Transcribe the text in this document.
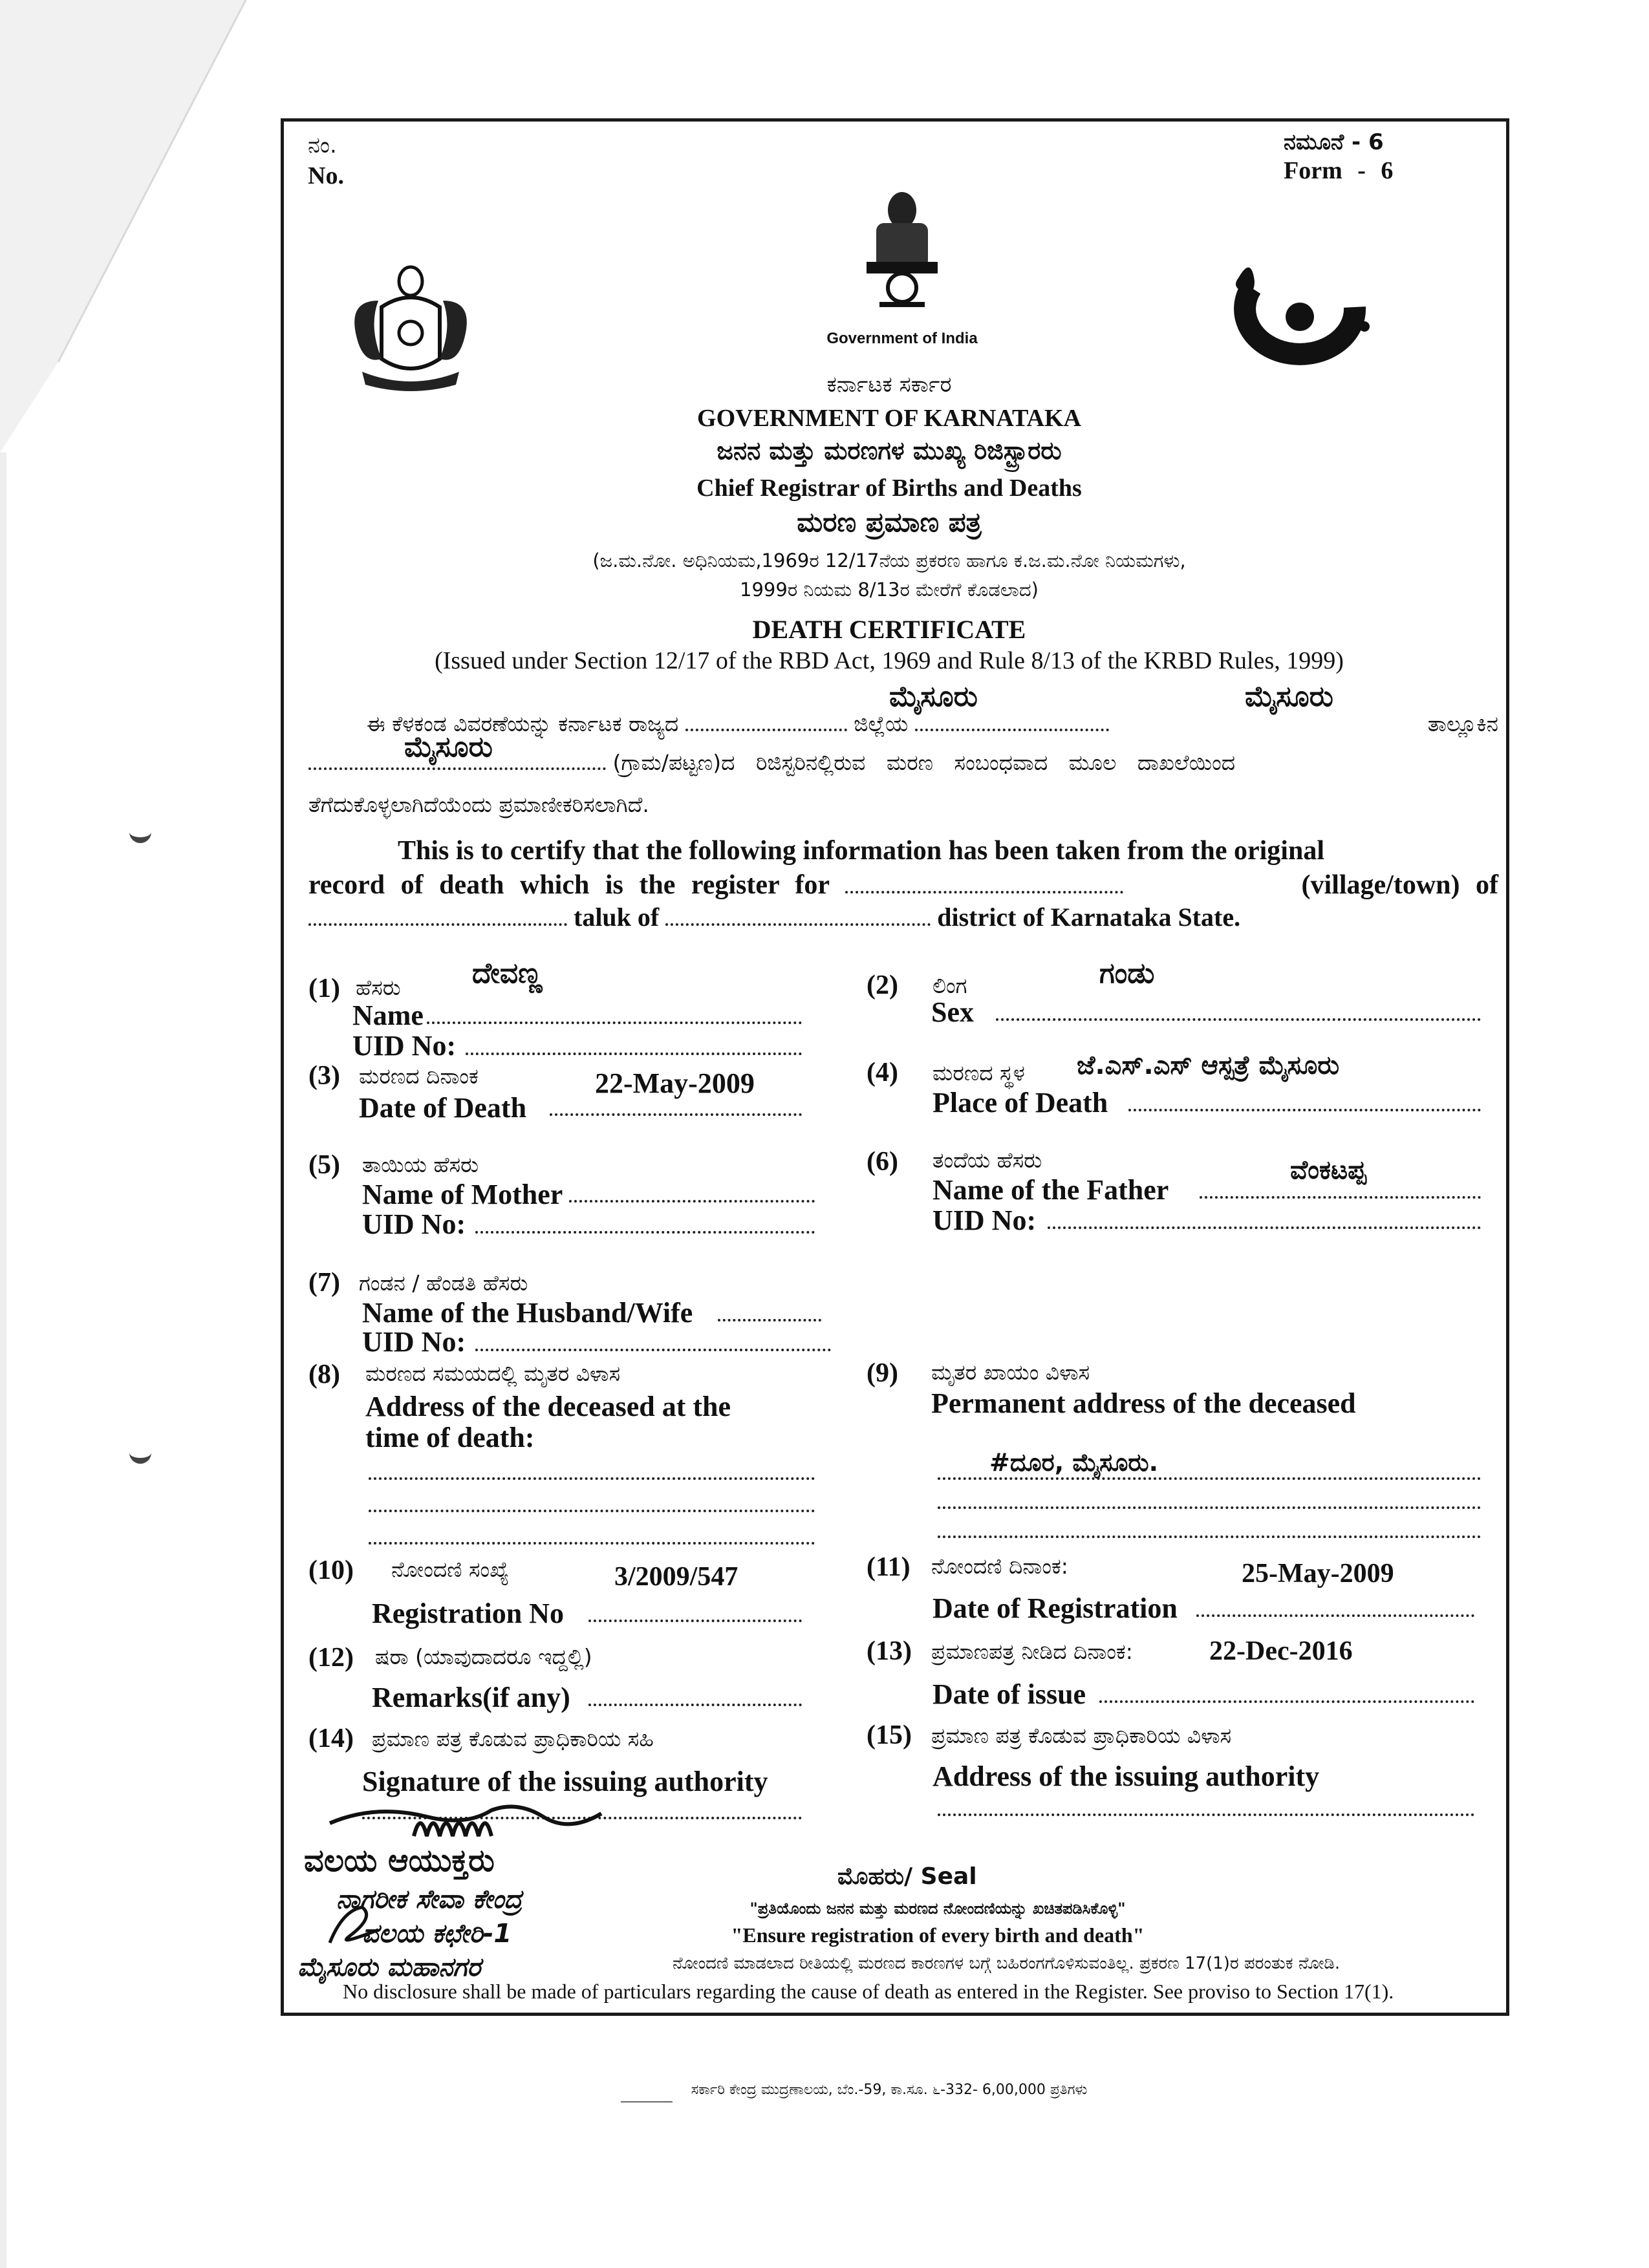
ನಂ.
No.
ನಮೂನೆ - 6
Form - 6
Government of India
ಕರ್ನಾಟಕ ಸರ್ಕಾರ
GOVERNMENT OF KARNATAKA
ಜನನ ಮತ್ತು ಮರಣಗಳ ಮುಖ್ಯ ರಿಜಿಸ್ಟ್ರಾರರು
Chief Registrar of Births and Deaths
ಮರಣ ಪ್ರಮಾಣ ಪತ್ರ
(ಜ.ಮ.ನೋ. ಅಧಿನಿಯಮ,1969ರ 12/17ನೆಯ ಪ್ರಕರಣ ಹಾಗೂ ಕ.ಜ.ಮ.ನೋ ನಿಯಮಗಳು,
1999ರ ನಿಯಮ 8/13ರ ಮೇರೆಗೆ ಕೊಡಲಾದ)
DEATH CERTIFICATE
(Issued under Section 12/17 of the RBD Act, 1969 and Rule 8/13 of the KRBD Rules, 1999)
ಈ ಕೆಳಕಂಡ ವಿವರಣೆಯನ್ನು ಕರ್ನಾಟಕ ರಾಜ್ಯದ	ಜಿಲ್ಲೆಯ	ತಾಲ್ಲೂಕಿನ
ಮೈಸೂರು	ಮೈಸೂರು
ಮೈಸೂರು	(ಗ್ರಾಮ/ಪಟ್ಟಣ)ದ ರಿಜಿಸ್ಟರಿನಲ್ಲಿರುವ ಮರಣ ಸಂಬಂಧವಾದ ಮೂಲ ದಾಖಲೆಯಿಂದ
ತೆಗೆದುಕೊಳ್ಳಲಾಗಿದೆಯೆಂದು ಪ್ರಮಾಣೀಕರಿಸಲಾಗಿದೆ.
This is to certify that the following information has been taken from the original
record of death which is the register for	(village/town) of
taluk of	district of Karnataka State.
(1) ಹೆಸರು	ದೇವಣ್ಣ
Name
UID No:
(2) ಲಿಂಗ	ಗಂಡು
Sex
(3) ಮರಣದ ದಿನಾಂಕ	22-May-2009
Date of Death
(4) ಮರಣದ ಸ್ಥಳ ಜೆ.ಎಸ್.ಎಸ್ ಆಸ್ಪತ್ರೆ ಮೈಸೂರು
Place of Death
(5) ತಾಯಿಯ ಹೆಸರು
Name of Mother
UID No:
(6) ತಂದೆಯ ಹೆಸರು	ವೆಂಕಟಪ್ಪ
Name of the Father
UID No:
(7) ಗಂಡನ / ಹೆಂಡತಿ ಹೆಸರು
Name of the Husband/Wife
UID No:
(8) ಮರಣದ ಸಮಯದಲ್ಲಿ ಮೃತರ ವಿಳಾಸ
Address of the deceased at the
time of death:
(9) ಮೃತರ ಖಾಯಂ ವಿಳಾಸ
Permanent address of the deceased
#ದೂರ, ಮೈಸೂರು.
(10) ನೋಂದಣಿ ಸಂಖ್ಯೆ	3/2009/547
Registration No
(11) ನೋಂದಣಿ ದಿನಾಂಕ:	25-May-2009
Date of Registration
(12) ಷರಾ (ಯಾವುದಾದರೂ ಇದ್ದಲ್ಲಿ)
Remarks(if any)
(13) ಪ್ರಮಾಣಪತ್ರ ನೀಡಿದ ದಿನಾಂಕ:	22-Dec-2016
Date of issue
(14) ಪ್ರಮಾಣ ಪತ್ರ ಕೊಡುವ ಪ್ರಾಧಿಕಾರಿಯ ಸಹಿ
Signature of the issuing authority
(15) ಪ್ರಮಾಣ ಪತ್ರ ಕೊಡುವ ಪ್ರಾಧಿಕಾರಿಯ ವಿಳಾಸ
Address of the issuing authority
ವಲಯ ಆಯುಕ್ತರು
ನಾಗರೀಕ ಸೇವಾ ಕೇಂದ್ರ
ವಲಯ ಕಛೇರಿ-1
ಮೈಸೂರು ಮಹಾನಗರ
ಮೊಹರು/ Seal
"ಪ್ರತಿಯೊಂದು ಜನನ ಮತ್ತು ಮರಣದ ನೋಂದಣಿಯನ್ನು ಖಚಿತಪಡಿಸಿಕೊಳ್ಳಿ"
"Ensure registration of every birth and death"
ನೋಂದಣಿ ಮಾಡಲಾದ ರೀತಿಯಲ್ಲಿ ಮರಣದ ಕಾರಣಗಳ ಬಗ್ಗೆ ಬಹಿರಂಗಗೊಳಿಸುವಂತಿಲ್ಲ. ಪ್ರಕರಣ 17(1)ರ ಪರಂತುಕ ನೋಡಿ.
No disclosure shall be made of particulars regarding the cause of death as entered in the Register. See proviso to Section 17(1).
ಸರ್ಕಾರಿ ಕೇಂದ್ರ ಮುದ್ರಣಾಲಯ, ಬೆಂ.-59, ಕಾ.ಸೂ. ೬-332- 6,00,000 ಪ್ರತಿಗಳು
